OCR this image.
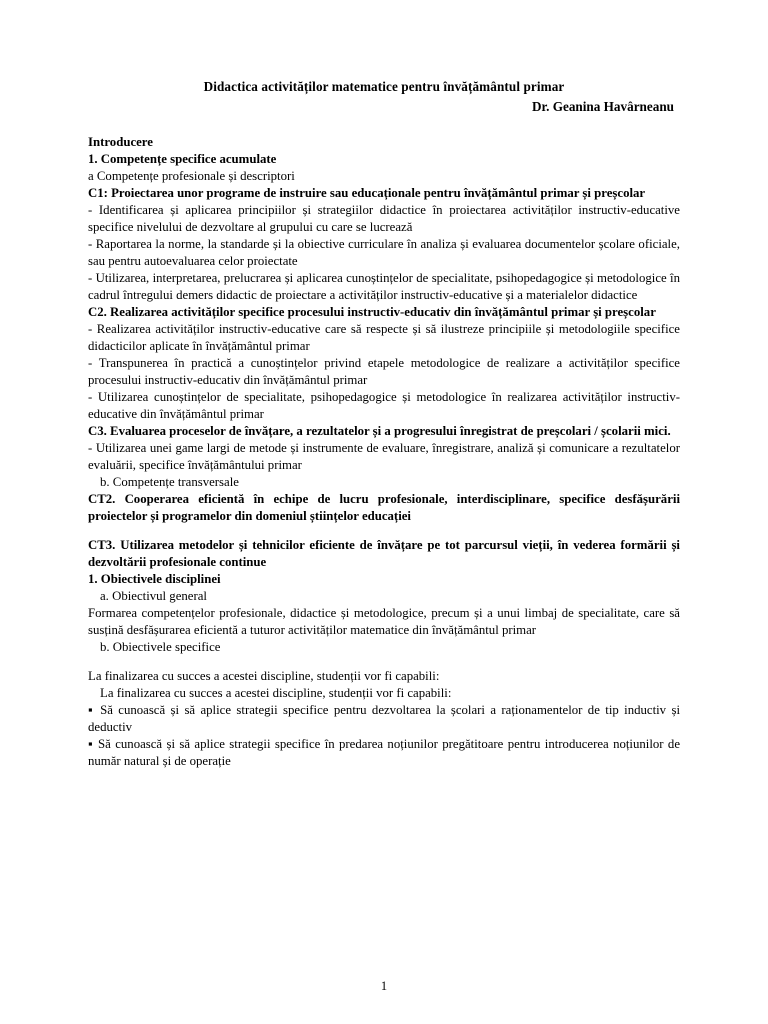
Didactica activităților matematice pentru învățământul primar

Dr. Geanina Havârneanu

Introducere

1. Competențe specifice acumulate

a Competențe profesionale și descriptori

C1: Proiectarea unor programe de instruire sau educaționale pentru învățământul primar și preșcolar

- Identificarea și aplicarea principiilor și strategiilor didactice în proiectarea activităților instructiv-educative specifice nivelului de dezvoltare al grupului cu care se lucrează

- Raportarea la norme, la standarde și la obiective curriculare în analiza și evaluarea documentelor școlare oficiale, sau pentru autoevaluarea celor proiectate

- Utilizarea, interpretarea, prelucrarea și aplicarea cunoștințelor de specialitate, psihopedagogice și metodologice în cadrul întregului demers didactic de proiectare a activităților instructiv-educative și a materialelor didactice

C2. Realizarea activităților specifice procesului instructiv-educativ din învățământul primar și preșcolar

- Realizarea activităților instructiv-educative care să respecte și să ilustreze principiile și metodologiile specifice didacticilor aplicate în învățământul primar

- Transpunerea în practică a cunoștințelor privind etapele metodologice de realizare a activităților specifice procesului instructiv-educativ din învățământul primar

- Utilizarea cunoștințelor de specialitate, psihopedagogice și metodologice în realizarea activităților instructiv-educative din învățământul primar

C3. Evaluarea proceselor de învățare, a rezultatelor și a progresului înregistrat de preșcolari / școlarii mici.

- Utilizarea unei game largi de metode și instrumente de evaluare, înregistrare, analiză și comunicare a rezultatelor evaluării, specifice învățământului primar

b. Competențe transversale

CT2. Cooperarea eficientă în echipe de lucru profesionale, interdisciplinare, specifice desfășurării proiectelor și programelor din domeniul științelor educației

CT3. Utilizarea metodelor și tehnicilor eficiente de învățare pe tot parcursul vieții, în vederea formării și dezvoltării profesionale continue

1. Obiectivele disciplinei

a. Obiectivul general

Formarea competențelor profesionale, didactice și metodologice, precum și a unui limbaj de specialitate, care să susțină desfășurarea eficientă a tuturor activităților matematice din învățământul primar

b. Obiectivele specifice

La finalizarea cu succes a acestei discipline, studenții vor fi capabili:

La finalizarea cu succes a acestei discipline, studenții vor fi capabili:

▪ Să cunoască și să aplice strategii specifice pentru dezvoltarea la școlari a raționamentelor de tip inductiv și deductiv

▪ Să cunoască și să aplice strategii specifice în predarea noțiunilor pregătitoare pentru introducerea noțiunilor de număr natural și de operație

1
